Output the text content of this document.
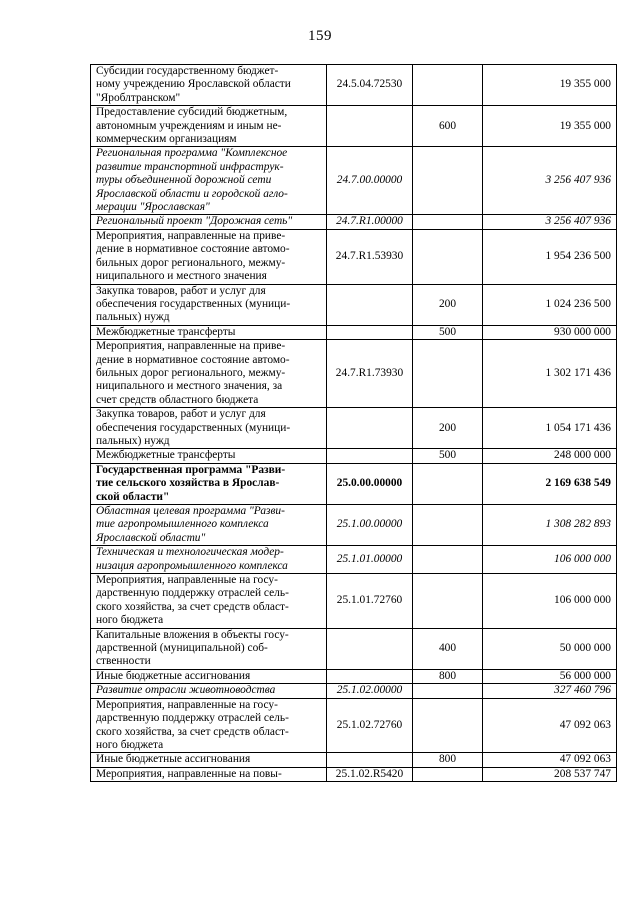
159
Субсидии государственному бюджет-
ному учреждению Ярославской области
"Яроблтранском"	24.5.04.72530		19 355 000
Предоставление субсидий бюджетным,
автономным учреждениям и иным не-
коммерческим организациям		600	19 355 000
Региональная программа "Комплексное
развитие транспортной инфраструк-
туры объединенной дорожной сети
Ярославской области и городской агло-
мерации "Ярославская"	24.7.00.00000		3 256 407 936
Региональный проект "Дорожная сеть"	24.7.R1.00000		3 256 407 936
Мероприятия, направленные на приве-
дение в нормативное состояние автомо-
бильных дорог регионального, межму-
ниципального и местного значения	24.7.R1.53930		1 954 236 500
Закупка товаров, работ и услуг для
обеспечения государственных (муници-
пальных) нужд		200	1 024 236 500
Межбюджетные трансферты		500	930 000 000
Мероприятия, направленные на приве-
дение в нормативное состояние автомо-
бильных дорог регионального, межму-
ниципального и местного значения, за
счет средств областного бюджета	24.7.R1.73930		1 302 171 436
Закупка товаров, работ и услуг для
обеспечения государственных (муници-
пальных) нужд		200	1 054 171 436
Межбюджетные трансферты		500	248 000 000
Государственная программа "Разви-
тие сельского хозяйства в Ярослав-
ской области"	25.0.00.00000		2 169 638 549
Областная целевая программа "Разви-
тие агропромышленного комплекса
Ярославской области"	25.1.00.00000		1 308 282 893
Техническая и технологическая модер-
низация агропромышленного комплекса	25.1.01.00000		106 000 000
Мероприятия, направленные на госу-
дарственную поддержку отраслей сель-
ского хозяйства, за счет средств област-
ного бюджета	25.1.01.72760		106 000 000
Капитальные вложения в объекты госу-
дарственной (муниципальной) соб-
ственности		400	50 000 000
Иные бюджетные ассигнования		800	56 000 000
Развитие отрасли животноводства	25.1.02.00000		327 460 796
Мероприятия, направленные на госу-
дарственную поддержку отраслей сель-
ского хозяйства, за счет средств област-
ного бюджета	25.1.02.72760		47 092 063
Иные бюджетные ассигнования		800	47 092 063
Мероприятия, направленные на повы-	25.1.02.R5420		208 537 747
